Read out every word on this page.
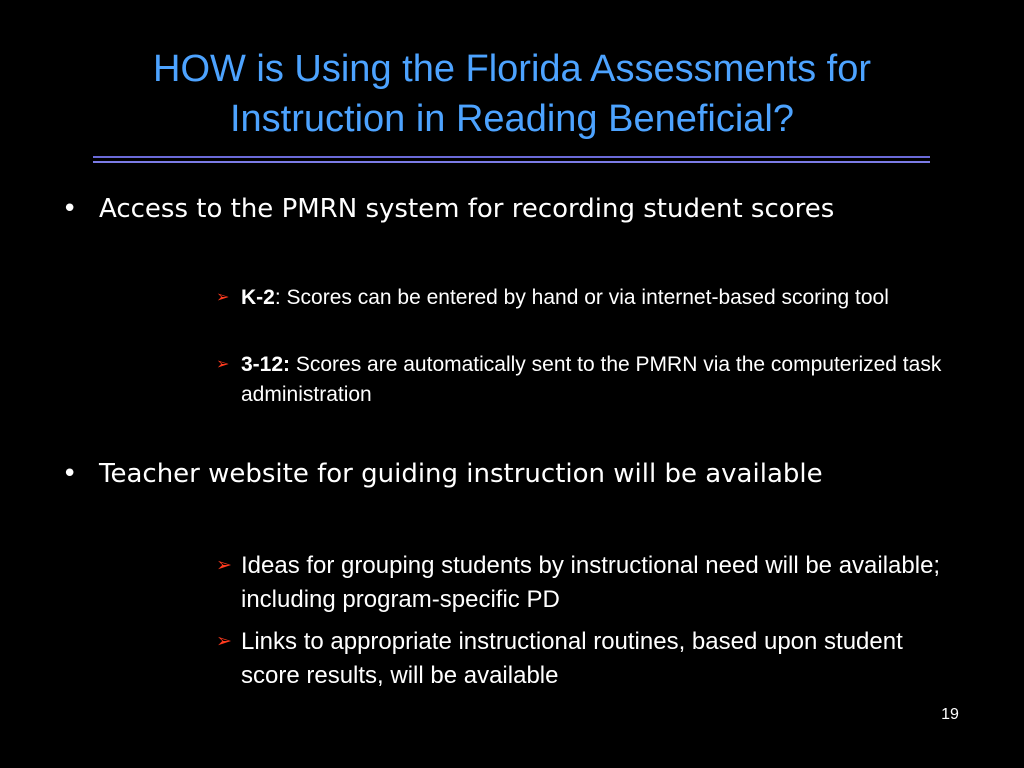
HOW is Using the Florida Assessments for
Instruction in Reading Beneficial?
• Access to the PMRN system for recording student scores
➢ K-2: Scores can be entered by hand or via internet-based scoring tool
➢ 3-12: Scores are automatically sent to the PMRN via the computerized task administration
• Teacher website for guiding instruction will be available
➢ Ideas for grouping students by instructional need will be available; including program-specific PD
➢ Links to appropriate instructional routines, based upon student score results, will be available
19
